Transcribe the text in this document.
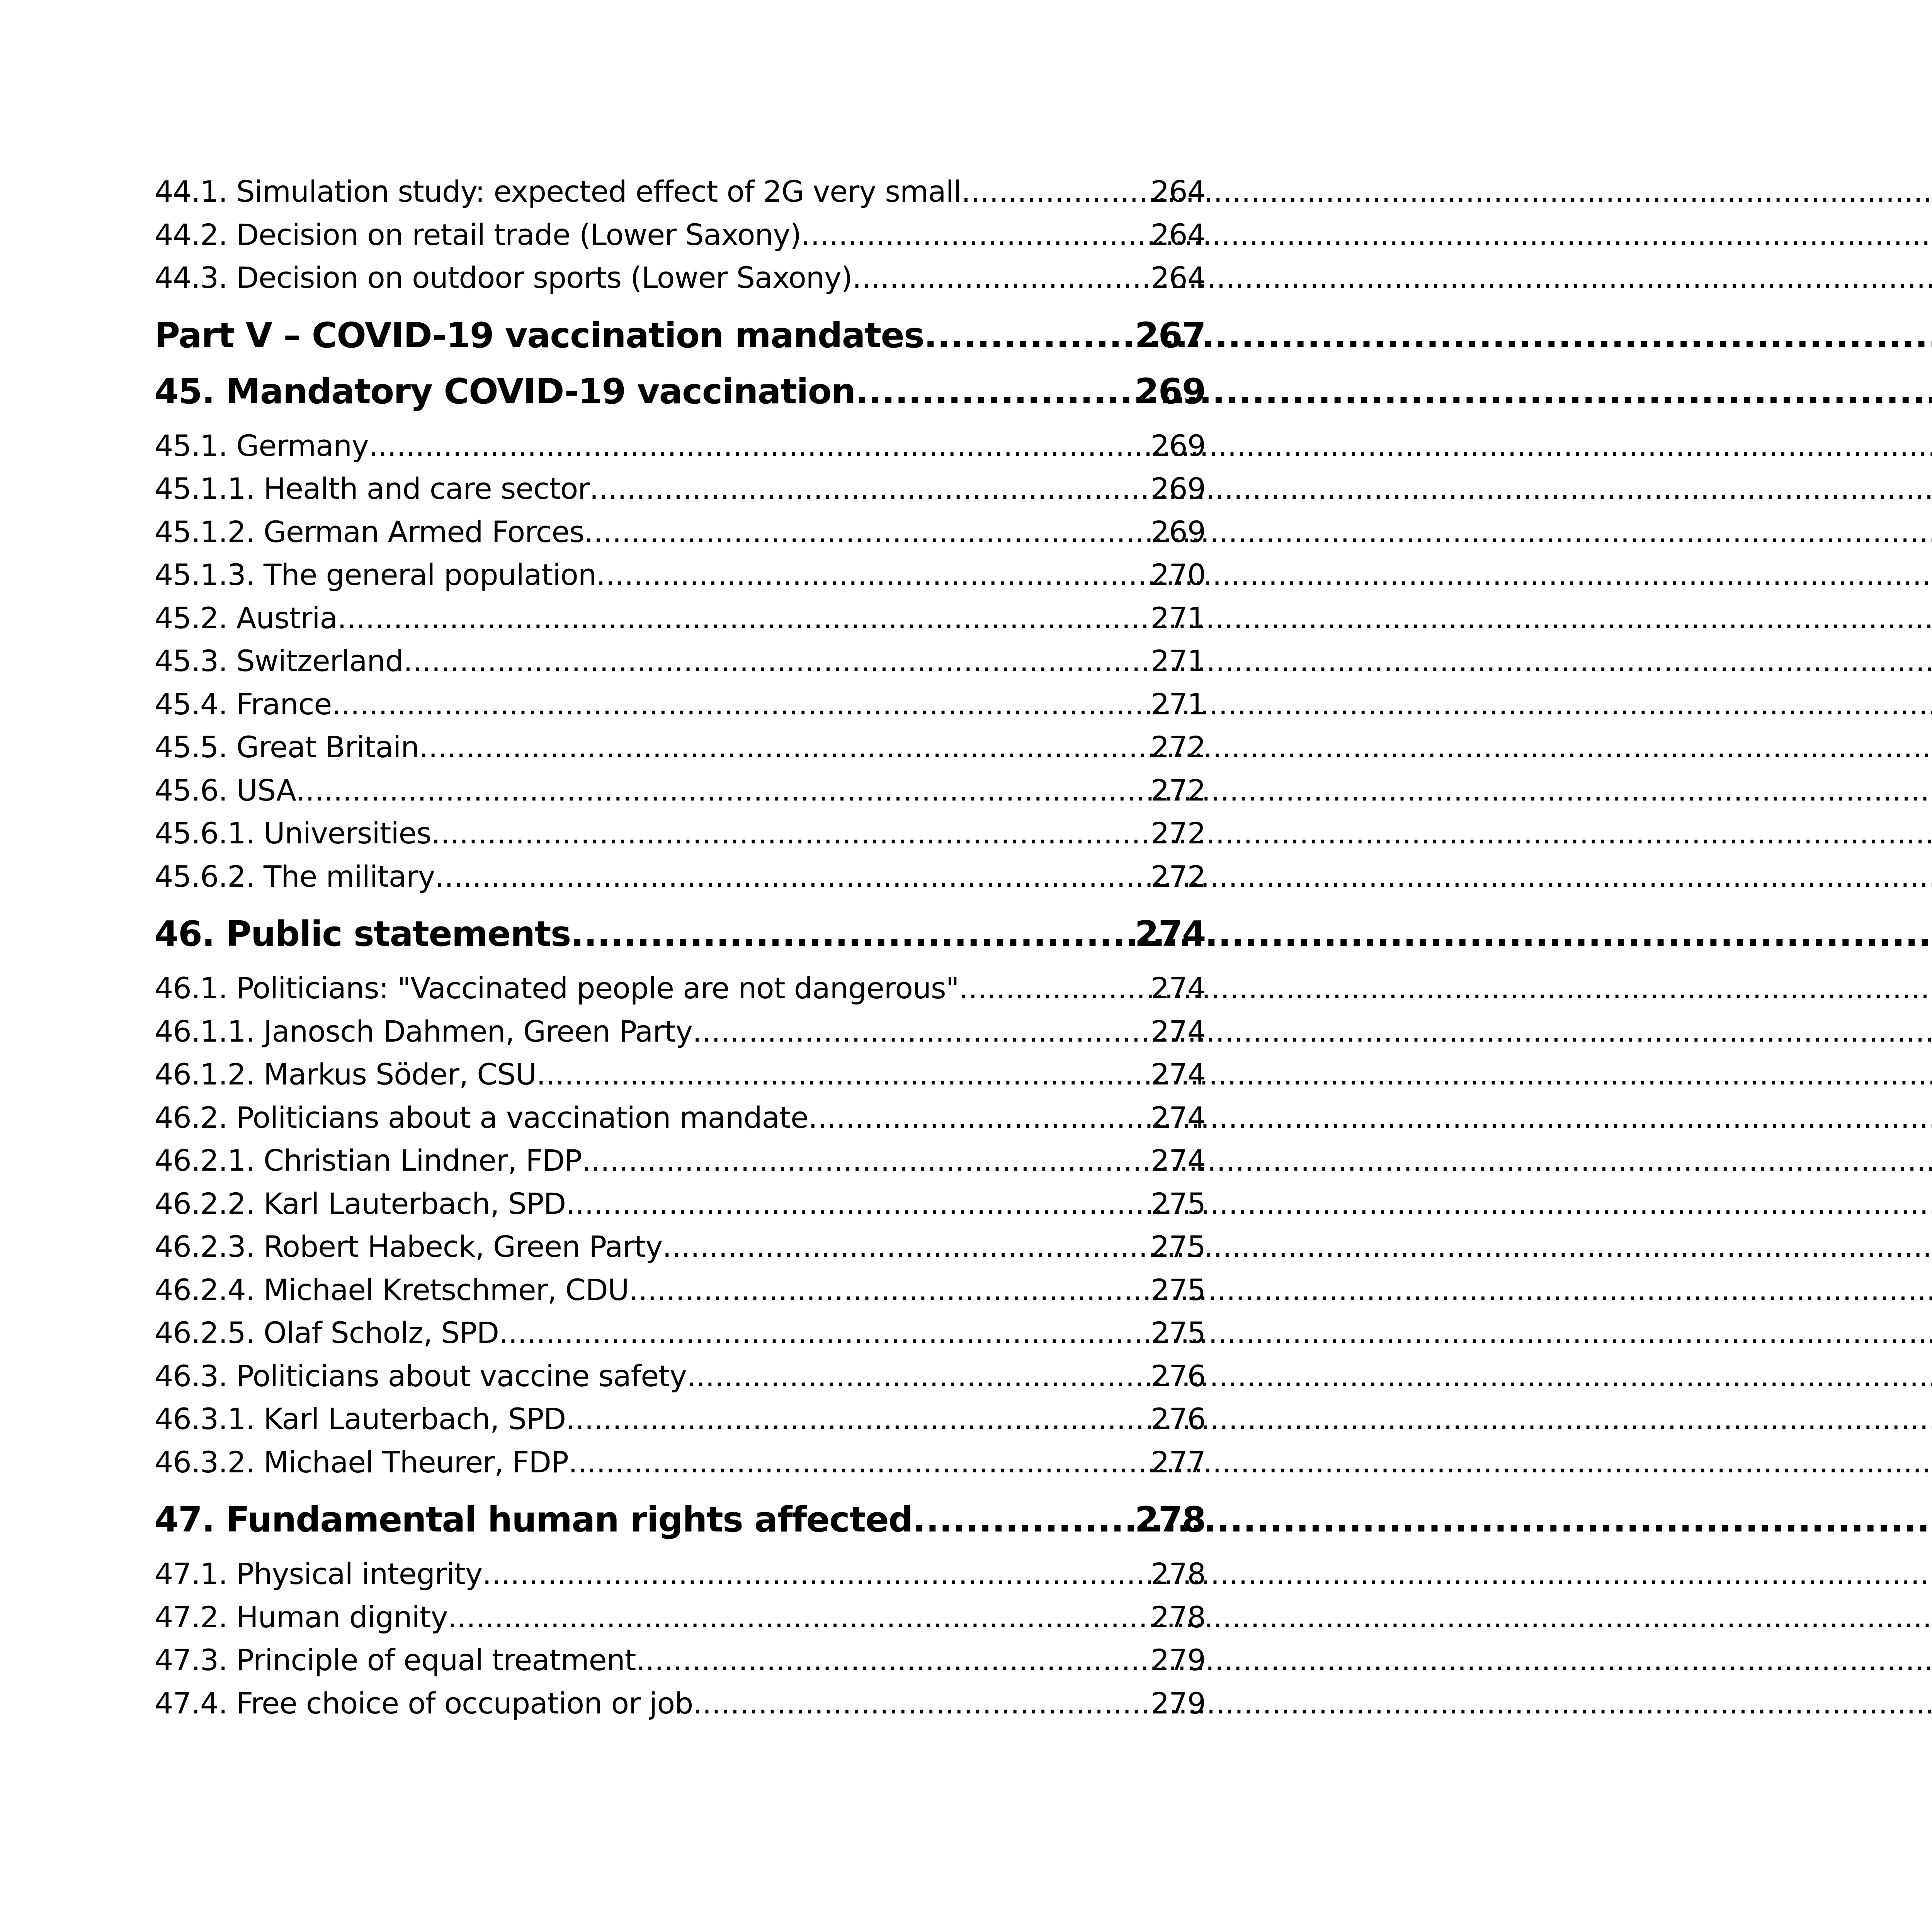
44.1. Simulation study: expected effect of 2G very small .....	264
44.2. Decision on retail trade (Lower Saxony) .....	264
44.3. Decision on outdoor sports (Lower Saxony) .....	264
Part V – COVID-19 vaccination mandates .....	267
45. Mandatory COVID-19 vaccination .....	269
45.1. Germany .....	269
45.1.1. Health and care sector .....	269
45.1.2. German Armed Forces .....	269
45.1.3. The general population .....	270
45.2. Austria .....	271
45.3. Switzerland .....	271
45.4. France .....	271
45.5. Great Britain .....	272
45.6. USA .....	272
45.6.1. Universities .....	272
45.6.2. The military .....	272
46. Public statements .....	274
46.1. Politicians: "Vaccinated people are not dangerous" .....	274
46.1.1. Janosch Dahmen, Green Party .....	274
46.1.2. Markus Söder, CSU .....	274
46.2. Politicians about a vaccination mandate .....	274
46.2.1. Christian Lindner, FDP .....	274
46.2.2. Karl Lauterbach, SPD .....	275
46.2.3. Robert Habeck, Green Party .....	275
46.2.4. Michael Kretschmer, CDU .....	275
46.2.5. Olaf Scholz, SPD .....	275
46.3. Politicians about vaccine safety .....	276
46.3.1. Karl Lauterbach, SPD .....	276
46.3.2. Michael Theurer, FDP .....	277
47. Fundamental human rights affected .....	278
47.1. Physical integrity .....	278
47.2. Human dignity .....	278
47.3. Principle of equal treatment .....	279
47.4. Free choice of occupation or job .....	279
